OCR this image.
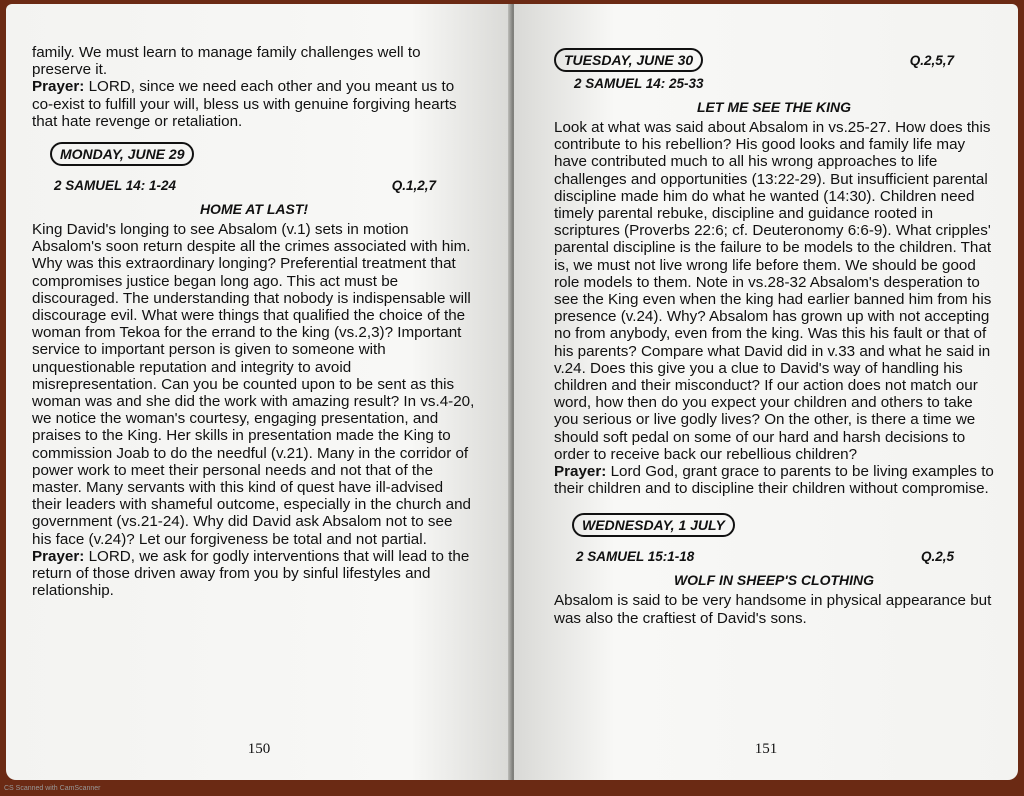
family. We must learn to manage family challenges well to preserve it.

Prayer: LORD, since we need each other and you meant us to co-exist to fulfill your will, bless us with genuine forgiving hearts that hate revenge or retaliation.

MONDAY, JUNE 29
2 SAMUEL 14: 1-24	Q.1,2,7
HOME AT LAST!

King David's longing to see Absalom (v.1) sets in motion Absalom's soon return despite all the crimes associated with him. Why was this extraordinary longing? Preferential treatment that compromises justice began long ago. This act must be discouraged. The understanding that nobody is indispensable will discourage evil. What were things that qualified the choice of the woman from Tekoa for the errand to the king (vs.2,3)? Important service to important person is given to someone with unquestionable reputation and integrity to avoid misrepresentation. Can you be counted upon to be sent as this woman was and she did the work with amazing result? In vs.4-20, we notice the woman's courtesy, engaging presentation, and praises to the King. Her skills in presentation made the King to commission Joab to do the needful (v.21). Many in the corridor of power work to meet their personal needs and not that of the master. Many servants with this kind of quest have ill-advised their leaders with shameful outcome, especially in the church and government (vs.21-24). Why did David ask Absalom not to see his face (v.24)? Let our forgiveness be total and not partial.

Prayer: LORD, we ask for godly interventions that will lead to the return of those driven away from you by sinful lifestyles and relationship.

150
TUESDAY, JUNE 30	Q.2,5,7
2 SAMUEL 14: 25-33
LET ME SEE THE KING

Look at what was said about Absalom in vs.25-27. How does this contribute to his rebellion? His good looks and family life may have contributed much to all his wrong approaches to life challenges and opportunities (13:22-29). But insufficient parental discipline made him do what he wanted (14:30). Children need timely parental rebuke, discipline and guidance rooted in scriptures (Proverbs 22:6; cf. Deuteronomy 6:6-9). What cripples' parental discipline is the failure to be models to the children. That is, we must not live wrong life before them. We should be good role models to them. Note in vs.28-32 Absalom's desperation to see the King even when the king had earlier banned him from his presence (v.24). Why? Absalom has grown up with not accepting no from anybody, even from the king. Was this his fault or that of his parents? Compare what David did in v.33 and what he said in v.24. Does this give you a clue to David's way of handling his children and their misconduct? If our action does not match our word, how then do you expect your children and others to take you serious or live godly lives? On the other, is there a time we should soft pedal on some of our hard and harsh decisions to order to receive back our rebellious children?

Prayer: Lord God, grant grace to parents to be living examples to their children and to discipline their children without compromise.

WEDNESDAY, 1 JULY
2 SAMUEL 15:1-18	Q.2,5
WOLF IN SHEEP'S CLOTHING

Absalom is said to be very handsome in physical appearance but was also the craftiest of David's sons.

151
CS Scanned with CamScanner
